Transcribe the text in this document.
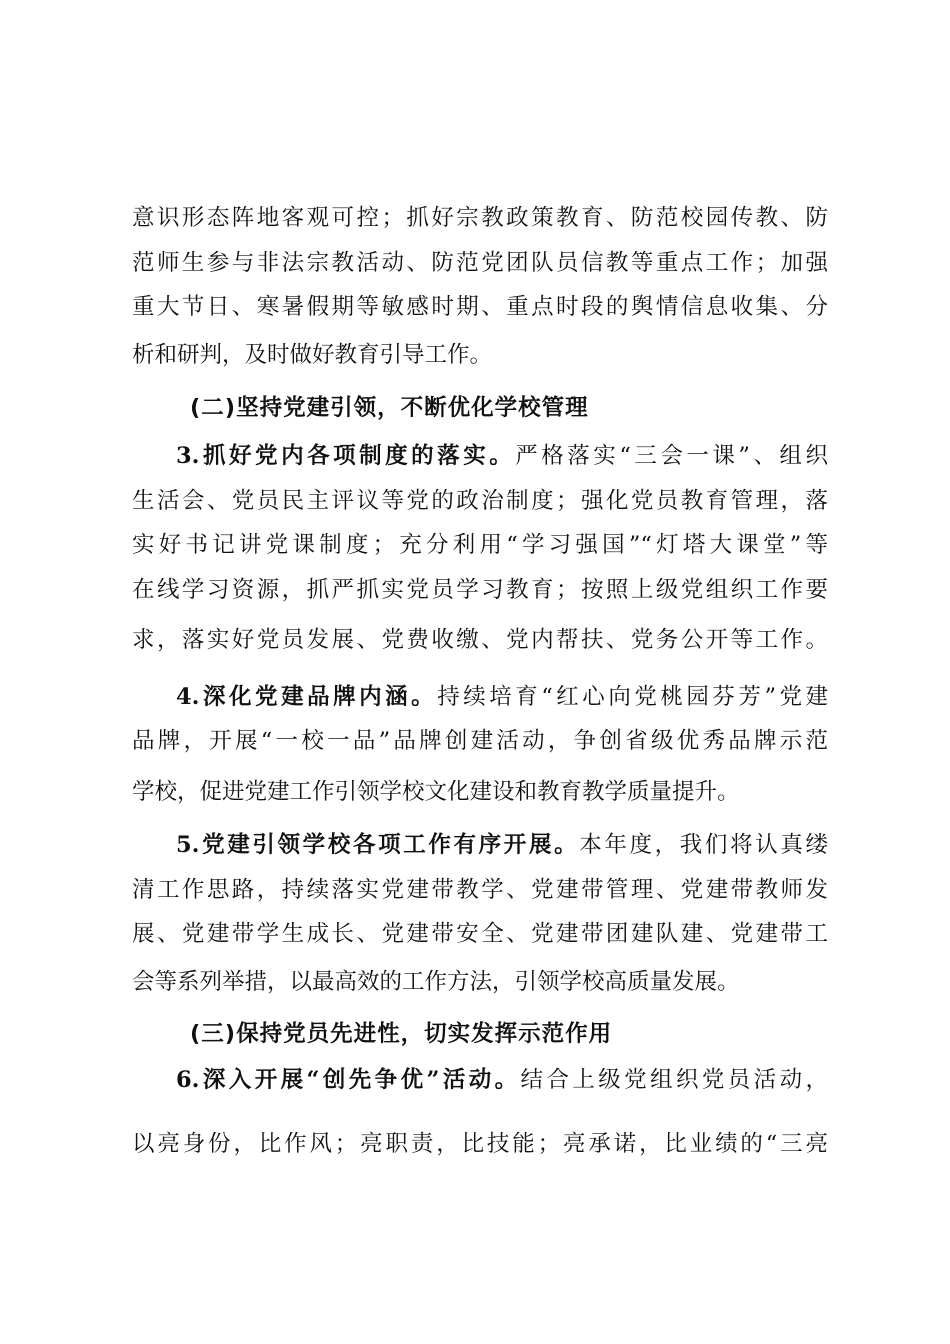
意识形态阵地客观可控；抓好宗教政策教育、防范校园传教、防
范师生参与非法宗教活动、防范党团队员信教等重点工作；加强
重大节日、寒暑假期等敏感时期、重点时段的舆情信息收集、分
析和研判，及时做好教育引导工作。
(二)坚持党建引领，不断优化学校管理
3.抓好党内各项制度的落实。严格落实“三会一课”、组织
生活会、党员民主评议等党的政治制度；强化党员教育管理，落
实好书记讲党课制度；充分利用“学习强国”“灯塔大课堂”等
在线学习资源，抓严抓实党员学习教育；按照上级党组织工作要
求，落实好党员发展、党费收缴、党内帮扶、党务公开等工作。
4.深化党建品牌内涵。持续培育“红心向党桃园芬芳”党建
品牌，开展“一校一品”品牌创建活动，争创省级优秀品牌示范
学校，促进党建工作引领学校文化建设和教育教学质量提升。
5.党建引领学校各项工作有序开展。本年度，我们将认真缕
清工作思路，持续落实党建带教学、党建带管理、党建带教师发
展、党建带学生成长、党建带安全、党建带团建队建、党建带工
会等系列举措，以最高效的工作方法，引领学校高质量发展。
(三)保持党员先进性，切实发挥示范作用
6.深入开展“创先争优”活动。结合上级党组织党员活动，
以亮身份，比作风；亮职责，比技能；亮承诺，比业绩的“三亮
